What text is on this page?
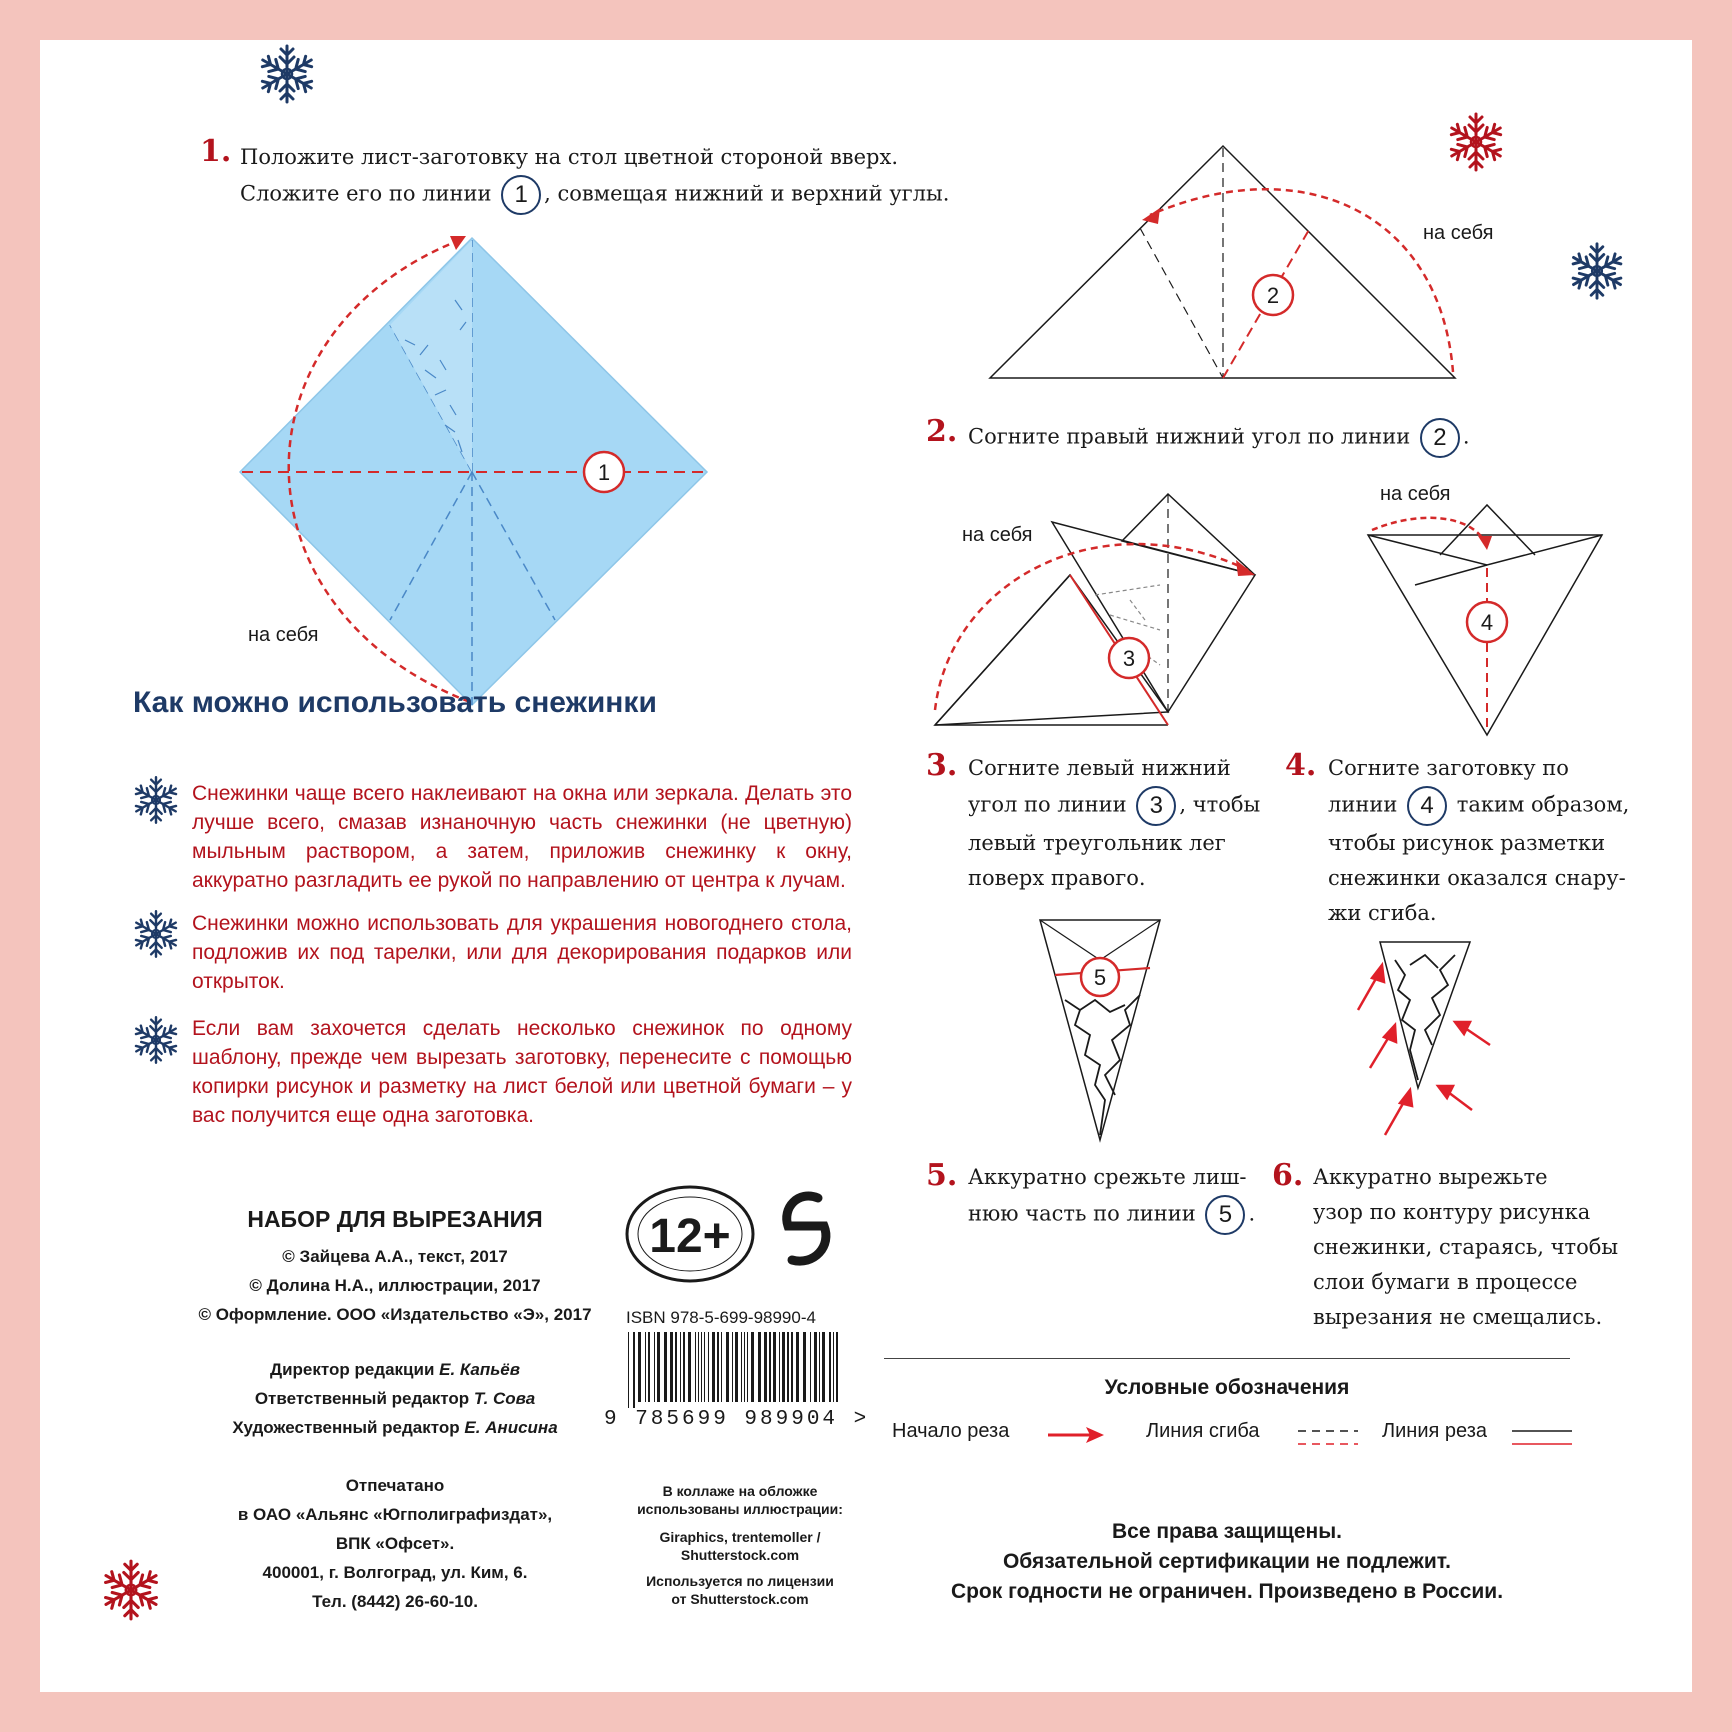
1. Положите лист-заготовку на стол цветной стороной вверх.
Сложите его по линии 1 , совмещая нижний и верхний углы.
1
на себя
2
на себя
2. Согните правый нижний угол по линии 2 .
3
на себя
4
на себя
3. Согните левый нижний
угол по линии 3 , чтобы
левый треугольник лег
поверх правого.
4. Согните заготовку по
линии 4 таким образом,
чтобы рисунок разметки
снежинки оказался снару-
жи сгиба.
5
5. Аккуратно срежьте лиш-
нюю часть по линии 5 .
6. Аккуратно вырежьте
узор по контуру рисунка
снежинки, стараясь, чтобы
слои бумаги в процессе
вырезания не смещались.
Как можно использовать снежинки
Снежинки чаще всего наклеивают на окна или зеркала. Делать это лучше всего, смазав изнаночную часть снежинки (не цветную) мыльным раствором, а затем, приложив снежинку к окну, аккуратно разгладить ее рукой по направлению от центра к лучам.
Снежинки можно использовать для украшения новогоднего стола, подложив их под тарелки, или для декорирования подарков или открыток.
Если вам захочется сделать несколько снежинок по одному шаблону, прежде чем вырезать заготовку, перенесите с помощью копирки рисунок и разметку на лист белой или цветной бумаги – у вас получится еще одна заготовка.
НАБОР ДЛЯ ВЫРЕЗАНИЯ
© Зайцева А.А., текст, 2017
© Долина Н.А., иллюстрации, 2017
© Оформление. ООО «Издательство «Э», 2017
Директор редакции Е. Капьёв
Ответственный редактор Т. Сова
Художественный редактор Е. Анисина
Отпечатано
в ОАО «Альянс «Югполиграфиздат»,
ВПК «Офсет».
400001, г. Волгоград, ул. Ким, 6.
Тел. (8442) 26-60-10.
12+
ISBN 978-5-699-98990-4
9 785699 989904 >
В коллаже на обложке
использованы иллюстрации:
Giraphics, trentemoller /
Shutterstock.com
Используется по лицензии
от Shutterstock.com
Условные обозначения
Начало реза	Линия сгиба	Линия реза
Все права защищены.
Обязательной сертификации не подлежит.
Срок годности не ограничен. Произведено в России.
